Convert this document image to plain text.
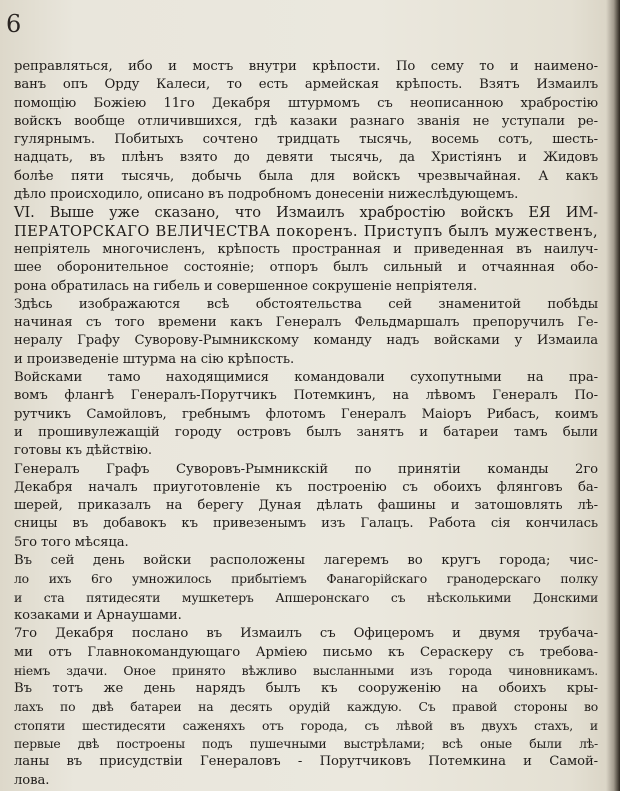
6
реправляться, ибо и мостъ внутри крѣпости. По сему то и наимено-
ванъ опъ Орду Калеси, то есть армейская крѣпость. Взятъ Измаилъ
помощію Божіею 11го Декабря штурмомъ съ неописанною храбростію
войскъ вообще отличившихся, гдѣ казаки разнаго званія не уступали ре-
гулярнымъ. Побитыхъ сочтено тридцать тысячь, восемь сотъ, шесть-
надцать, въ плѣнъ взято до девяти тысячь, да Христіянъ и Жидовъ
болѣе пяти тысячь, добычь была для войскъ чрезвычайная. А какъ
дѣло происходило, описано въ подробномъ донесеніи нижеслѣдующемъ.
VI. Выше уже сказано, что Измаилъ храбростію войскъ ЕЯ ИМ-
ПЕРАТОРСКАГО ВЕЛИЧЕСТВА покоренъ. Приступъ былъ мужественъ,
непріятель многочисленъ, крѣпость пространная и приведенная въ наилуч-
шее оборонительное состояніе; отпоръ былъ сильный и отчаянная обо-
рона обратилась на гибель и совершенное сокрушеніе непріятеля.
Здѣсь изображаются всѣ обстоятельства сей знаменитой побѣды
начиная съ того времени какъ Генералъ Фельдмаршалъ препоручилъ Ге-
нералу Графу Суворову-Рымникскому команду надъ войсками у Измаила
и произведеніе штурма на сію крѣпость.
Войсками тамо находящимися командовали сухопутными на пра-
вомъ флангѣ Генералъ-Порутчикъ Потемкинъ, на лѣвомъ Генералъ По-
рутчикъ Самойловъ, гребнымъ флотомъ Генералъ Маіоръ Рибасъ, коимъ
и прошивулежащій городу островъ былъ занятъ и батареи тамъ были
готовы къ дѣйствію.
Генералъ Графъ Суворовъ-Рымникскій по принятіи команды 2го
Декабря началъ приуготовленіе къ построенію съ обоихъ флянговъ ба-
шерей, приказалъ на берегу Дуная дѣлать фашины и затошовлять лѣ-
сницы въ добавокъ къ привезенымъ изъ Галацъ. Работа сія кончилась
5го того мѣсяца.
Въ сей день войски расположены лагеремъ во кругъ города; чис-
ло ихъ 6го умножилось прибытіемъ Фанагорійскаго гранодерскаго полку
и ста пятидесяти мушкетеръ Апшеронскаго съ нѣсколькими Донскими
козаками и Арнаушами.
7го Декабря послано въ Измаилъ съ Офицеромъ и двумя трубача-
ми отъ Главнокомандующаго Арміею письмо къ Сераскеру съ требова-
ніемъ здачи. Оное принято вѣжливо высланными изъ города чиновникамъ.
Въ тотъ же день нарядъ былъ къ сооруженію на обоихъ кры-
лахъ по двѣ батареи на десять орудій каждую. Съ правой стороны во
стопяти шестидесяти саженяхъ отъ города, съ лѣвой въ двухъ стахъ, и
первые двѣ построены подъ пушечными выстрѣлами; всѣ оные были лѣ-
ланы въ присудствіи Генераловъ - Порутчиковъ Потемкина и Самой-
лова.
